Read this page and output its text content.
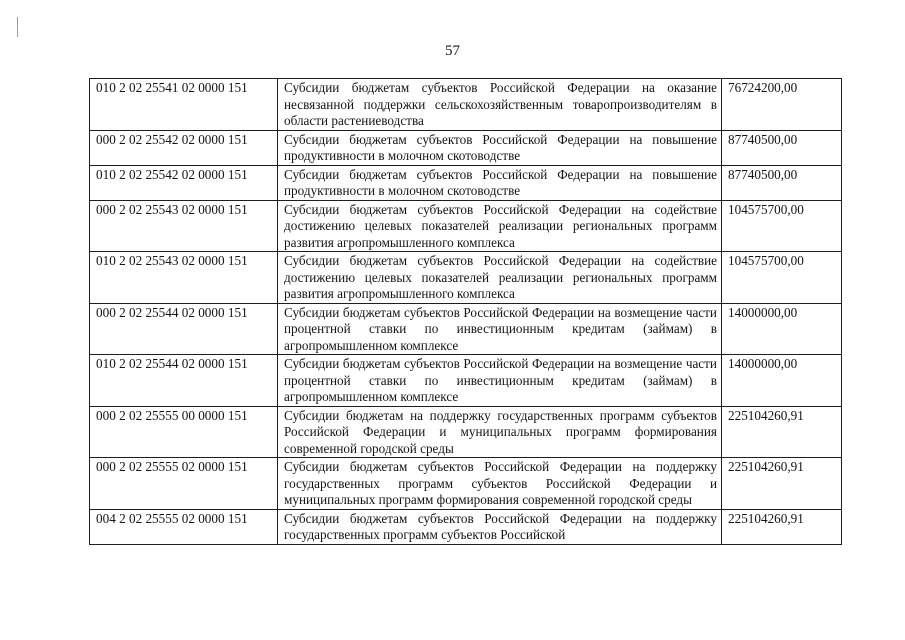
57
010 2 02 25541 02 0000 151	Субсидии бюджетам субъектов Российской Федерации на оказание несвязанной поддержки сельскохозяйственным товаропроизводителям в области растениеводства	76724200,00
000 2 02 25542 02 0000 151	Субсидии бюджетам субъектов Российской Федерации на повышение продуктивности в молочном скотоводстве	87740500,00
010 2 02 25542 02 0000 151	Субсидии бюджетам субъектов Российской Федерации на повышение продуктивности в молочном скотоводстве	87740500,00
000 2 02 25543 02 0000 151	Субсидии бюджетам субъектов Российской Федерации на содействие достижению целевых показателей реализации региональных программ развития агропромышленного комплекса	104575700,00
010 2 02 25543 02 0000 151	Субсидии бюджетам субъектов Российской Федерации на содействие достижению целевых показателей реализации региональных программ развития агропромышленного комплекса	104575700,00
000 2 02 25544 02 0000 151	Субсидии бюджетам субъектов Российской Федерации на возмещение части процентной ставки по инвестиционным кредитам (займам) в агропромышленном комплексе	14000000,00
010 2 02 25544 02 0000 151	Субсидии бюджетам субъектов Российской Федерации на возмещение части процентной ставки по инвестиционным кредитам (займам) в агропромышленном комплексе	14000000,00
000 2 02 25555 00 0000 151	Субсидии бюджетам на поддержку государственных программ субъектов Российской Федерации и муниципальных программ формирования современной городской среды	225104260,91
000 2 02 25555 02 0000 151	Субсидии бюджетам субъектов Российской Федерации на поддержку государственных программ субъектов Российской Федерации и муниципальных программ формирования современной городской среды	225104260,91
004 2 02 25555 02 0000 151	Субсидии бюджетам субъектов Российской Федерации на поддержку государственных программ субъектов Российской	225104260,91
